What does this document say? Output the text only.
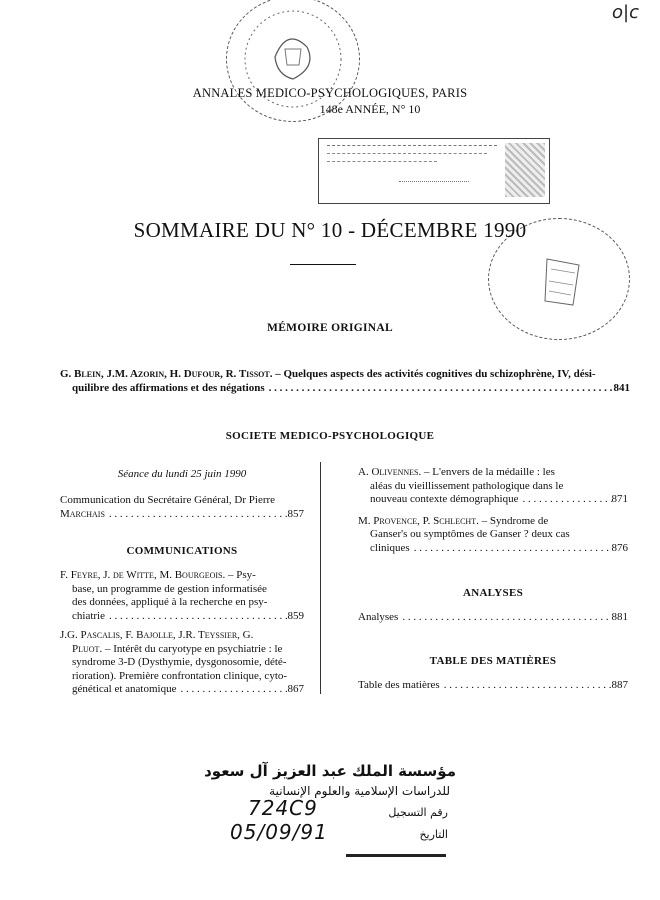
o|c
ANNALES MEDICO-PSYCHOLOGIQUES, PARIS
148e ANNÉE, N° 10
SOMMAIRE DU N° 10 - DÉCEMBRE 1990
MÉMOIRE ORIGINAL
G. Blein, J.M. Azorin, H. Dufour, R. Tissot. – Quelques aspects des activités cognitives du schizophrène, IV, dési-
quilibre des affirmations et des négations . . .	841
SOCIETE MEDICO-PSYCHOLOGIQUE
Séance du lundi 25 juin 1990
Communication du Secrétaire Général, Dr Pierre
Marchais . . .	857
COMMUNICATIONS
F. Feyre, J. de Witte, M. Bourgeois. – Psy-
base, un programme de gestion informatisée
des données, appliqué à la recherche en psy-
chiatrie . . .	859
J.G. Pascalis, F. Bajolle, J.R. Teyssier, G.
Pluot. – Intérêt du caryotype en psychiatrie : le
syndrome 3-D (Dysthymie, dysgonosomie, dété-
rioration). Première confrontation clinique, cyto-
génétical et anatomique . . .	867
A. Olivennes. – L'envers de la médaille : les
aléas du vieillissement pathologique dans le
nouveau contexte démographique . . .	871
M. Provence, P. Schlecht. – Syndrome de
Ganser's ou symptômes de Ganser ? deux cas
cliniques . . .	876
ANALYSES
Analyses . . .	881
TABLE DES MATIÈRES
Table des matières . . .	887
مؤسسة الملك عبد العزيز آل سعود
للدراسات الإسلامية والعلوم الإنسانية
رقم التسجيل
724C9
التاريخ
05/09/91
